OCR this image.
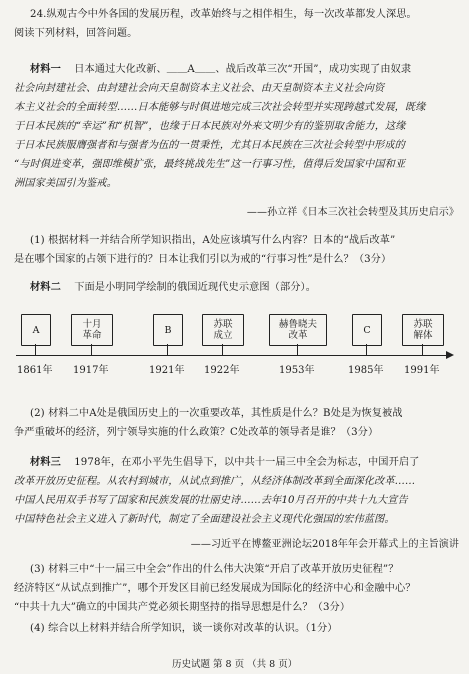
24.纵观古今中外各国的发展历程，改革始终与之相伴相生，每一次改革都发人深思。
阅读下列材料，回答问题。
材料一 日本通过大化改新、＿＿A＿＿、战后改革三次“开国”，成功实现了由奴隶
社会向封建社会、由封建社会向天皇制资本主义社会、由天皇制资本主义社会向资
本主义社会的全面转型……日本能够与时俱进地完成三次社会转型并实现跨越式发展，既缘
于日本民族的“幸运”和“机智”，也缘于日本民族对外来文明少有的鉴别取舍能力，这缘
于日本民族服膺强者和与强者为伍的一贯秉性，尤其日本民族在三次社会转型中形成的
“与时俱进变革，强即维模扩张，最终挑战先生”这一行事习性，值得后发国家中国和亚
洲国家美国引为鉴戒。
——孙立祥《日本三次社会转型及其历史启示》
(1) 根据材料一并结合所学知识指出，A处应该填写什么内容？日本的“战后改革”
是在哪个国家的占领下进行的？日本让我们引以为戒的“行事习性”是什么？（3分）
材料二 下面是小明同学绘制的俄国近现代史示意图（部分）。
A
1861年
十月
革命
1917年
B
1921年
苏联
成立
1922年
赫鲁晓夫
改革
1953年
C
1985年
苏联
解体
1991年
(2) 材料二中A处是俄国历史上的一次重要改革，其性质是什么？B处是为恢复被战
争严重破坏的经济，列宁领导实施的什么政策？C处改革的领导者是谁？（3分）
材料三 1978年，在邓小平先生倡导下，以中共十一届三中全会为标志，中国开启了
改革开放历史征程。从农村到城市，从试点到推广，从经济体制改革到全面深化改革……
中国人民用双手书写了国家和民族发展的壮丽史诗……去年10月召开的中共十九大宣告
中国特色社会主义进入了新时代，制定了全面建设社会主义现代化强国的宏伟蓝图。
——习近平在博鳌亚洲论坛2018年年会开幕式上的主旨演讲
(3) 材料三中“十一届三中全会”作出的什么伟大决策“开启了改革开放历史征程”？
经济特区“从试点到推广”，哪个开发区目前已经发展成为国际化的经济中心和金融中心？
“中共十九大”确立的中国共产党必须长期坚持的指导思想是什么？（3分）
(4) 综合以上材料并结合所学知识，谈一谈你对改革的认识。（1分）
历史试题 第 8 页 （共 8 页）
